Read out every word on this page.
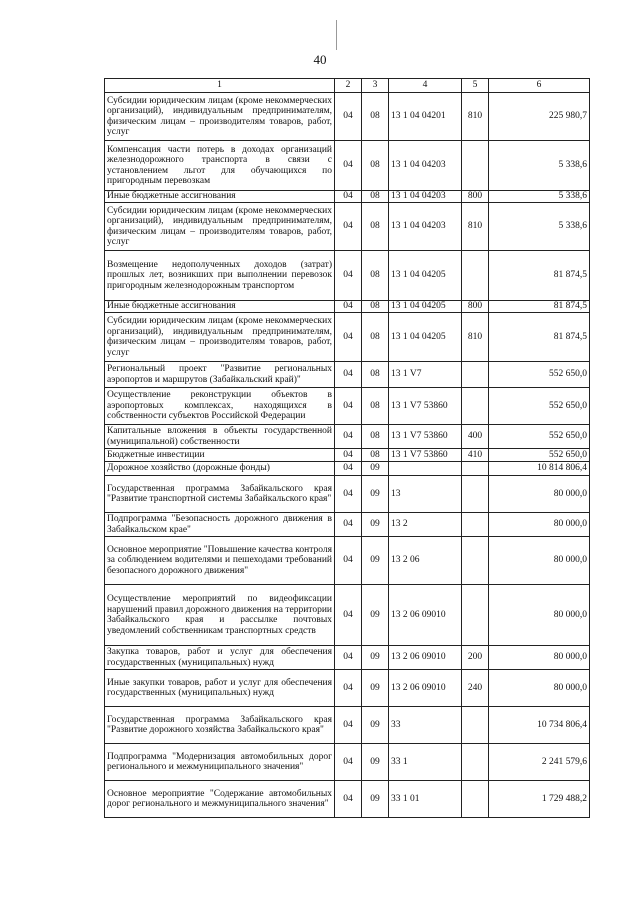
40
1	2	3	4	5	6
Субсидии юридическим лицам (кроме некоммерческих организаций), индивидуальным предпринимателям, физическим лицам – производителям товаров, работ, услуг	04	08	13 1 04 04201	810	225 980,7
Компенсация части потерь в доходах организаций железнодорожного транспорта в связи с установлением льгот для обучающихся по пригородным перевозкам	04	08	13 1 04 04203		5 338,6
Иные бюджетные ассигнования	04	08	13 1 04 04203	800	5 338,6
Субсидии юридическим лицам (кроме некоммерческих организаций), индивидуальным предпринимателям, физическим лицам – производителям товаров, работ, услуг	04	08	13 1 04 04203	810	5 338,6
Возмещение недополученных доходов (затрат) прошлых лет, возникших при выполнении перевозок пригородным железнодорожным транспортом	04	08	13 1 04 04205		81 874,5
Иные бюджетные ассигнования	04	08	13 1 04 04205	800	81 874,5
Субсидии юридическим лицам (кроме некоммерческих организаций), индивидуальным предпринимателям, физическим лицам – производителям товаров, работ, услуг	04	08	13 1 04 04205	810	81 874,5
Региональный проект "Развитие региональных аэропортов и маршрутов (Забайкальский край)"	04	08	13 1 V7		552 650,0
Осуществление реконструкции объектов в аэропортовых комплексах, находящихся в собственности субъектов Российской Федерации	04	08	13 1 V7 53860		552 650,0
Капитальные вложения в объекты государственной (муниципальной) собственности	04	08	13 1 V7 53860	400	552 650,0
Бюджетные инвестиции	04	08	13 1 V7 53860	410	552 650,0
Дорожное хозяйство (дорожные фонды)	04	09			10 814 806,4
Государственная программа Забайкальского края "Развитие транспортной системы Забайкальского края"	04	09	13		80 000,0
Подпрограмма "Безопасность дорожного движения в Забайкальском крае"	04	09	13 2		80 000,0
Основное мероприятие "Повышение качества контроля за соблюдением водителями и пешеходами требований безопасного дорожного движения"	04	09	13 2 06		80 000,0
Осуществление мероприятий по видеофиксации нарушений правил дорожного движения на территории Забайкальского края и рассылке почтовых уведомлений собственникам транспортных средств	04	09	13 2 06 09010		80 000,0
Закупка товаров, работ и услуг для обеспечения государственных (муниципальных) нужд	04	09	13 2 06 09010	200	80 000,0
Иные закупки товаров, работ и услуг для обеспечения государственных (муниципальных) нужд	04	09	13 2 06 09010	240	80 000,0
Государственная программа Забайкальского края "Развитие дорожного хозяйства Забайкальского края"	04	09	33		10 734 806,4
Подпрограмма "Модернизация автомобильных дорог регионального и межмуниципального значения"	04	09	33 1		2 241 579,6
Основное мероприятие "Содержание автомобильных дорог регионального и межмуниципального значения"	04	09	33 1 01		1 729 488,2
